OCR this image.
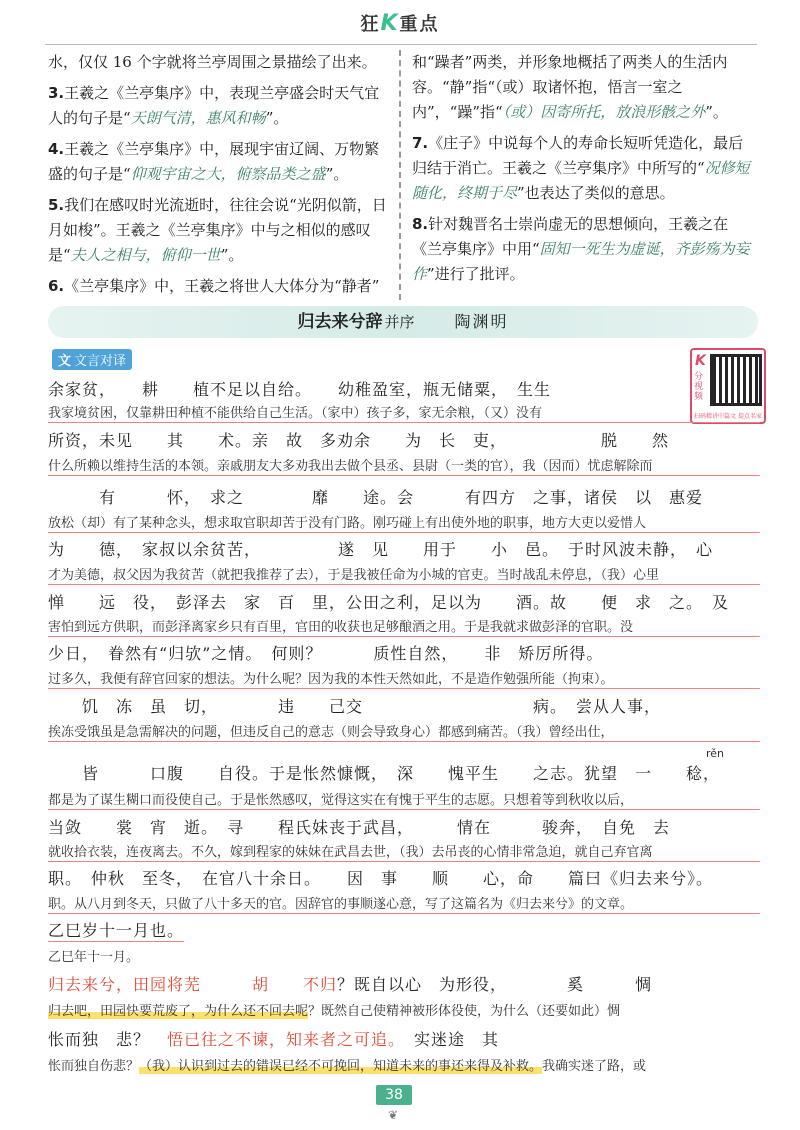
狂K重点
水，仅仅 16 个字就将兰亭周围之景描绘了出来。
3.王羲之《兰亭集序》中，表现兰亭盛会时天气宜人的句子是“天朗气清，惠风和畅”。
4.王羲之《兰亭集序》中，展现宇宙辽阔、万物繁盛的句子是“仰观宇宙之大，俯察品类之盛”。
5.我们在感叹时光流逝时，往往会说“光阴似箭，日月如梭”。王羲之《兰亭集序》中与之相似的感叹是“夫人之相与，俯仰一世”。
6.《兰亭集序》中，王羲之将世人大体分为“静者”
和“躁者”两类，并形象地概括了两类人的生活内容。“静”指“（或）取诸怀抱，悟言一室之内”，“躁”指“（或）因寄所托，放浪形骸之外”。
7.《庄子》中说每个人的寿命长短听凭造化，最后归结于消亡。王羲之《兰亭集序》中所写的“况修短随化，终期于尽”也表达了类似的意思。
8.针对魏晋名士崇尚虚无的思想倾向，王羲之在《兰亭集序》中用“固知一死生为虚诞，齐彭殇为妄作”进行了批评。
归去来兮辞 并序	陶渊明
文 文言对译	K
分视频
扫码精讲中篇文 提点名家
余家贫，　　耕　　植不足以自给。　　幼稚盈室，瓶无储粟，　生生
我家境贫困，仅靠耕田种植不能供给自己生活。（家中）孩子多，家无余粮，（又）没有
所资，未见　　其　　术。亲　故　多劝余　　为　长　吏，　　　　　　脱　　然
什么所赖以维持生活的本领。亲戚朋友大多劝我出去做个县丞、县尉（一类的官），我（因而）忧虑解除而
　　　有　　　怀，　求之　　　　靡　　途。会　　　有四方　之事，诸侯　以　惠爱
放松（却）有了某种念头，想求取官职却苦于没有门路。刚巧碰上有出使外地的职事，地方大吏以爱惜人
为　　德，　家叔以余贫苦，　　　　　遂　见　　用于　　小　邑。　于时风波未静，　心
才为美德，叔父因为我贫苦（就把我推荐了去），于是我被任命为小城的官吏。当时战乱未停息，（我）心里
惮　　远　役，　彭泽去　家　百　里，公田之利，足以为　　酒。故　　便　求　之。　及
害怕到远方供职，而彭泽离家乡只有百里，官田的收获也足够酿酒之用。于是我就求做彭泽的官职。没
少日，　眷然有“归欤”之情。　何则？　　　质性自然，　　非　矫厉所得。
过多久，我便有辞官回家的想法。为什么呢？因为我的本性天然如此，不是造作勉强所能（拘束）。
　　饥　冻　虽　切，　　　　违　　己交　　　　　　　　　　病。　尝从人事，
挨冻受饿虽是急需解决的问题，但违反自己的意志（则会导致身心）都感到痛苦。（我）曾经出仕，
　　皆　　　口腹　　自役。于是怅然慷慨，　深　　愧平生　　之志。犹望　一　　稔，
都是为了谋生糊口而役使自己。于是怅然感叹，觉得这实在有愧于平生的志愿。只想着等到秋收以后，
当敛　　裳　宵　逝。　寻　　程氏妹丧于武昌，　　　情在　　　骏奔，　自免　去
就收拾衣装，连夜离去。不久，嫁到程家的妹妹在武昌去世，（我）去吊丧的心情非常急迫，就自己弃官离
职。　仲秋　至冬，　在官八十余日。　　因　事　　顺　　心，命　　篇曰《归去来兮》。
职。从八月到冬天，只做了八十多天的官。因辞官的事顺遂心意，写了这篇名为《归去来兮》的文章。
乙巳岁十一月也。
乙巳年十一月。
rěn
归去来兮，田园将芜　　　胡　　不归？既自以心　为形役，　　　　奚　　　惆
归去吧，田园快要荒废了，为什么还不回去呢？既然自己使精神被形体役使，为什么（还要如此）惆
怅而独　悲？　悟已往之不谏，知来者之可追。　实迷途　其
怅而独自伤悲？（我）认识到过去的错误已经不可挽回，知道未来的事还来得及补救。我确实迷了路，或
38
❦
